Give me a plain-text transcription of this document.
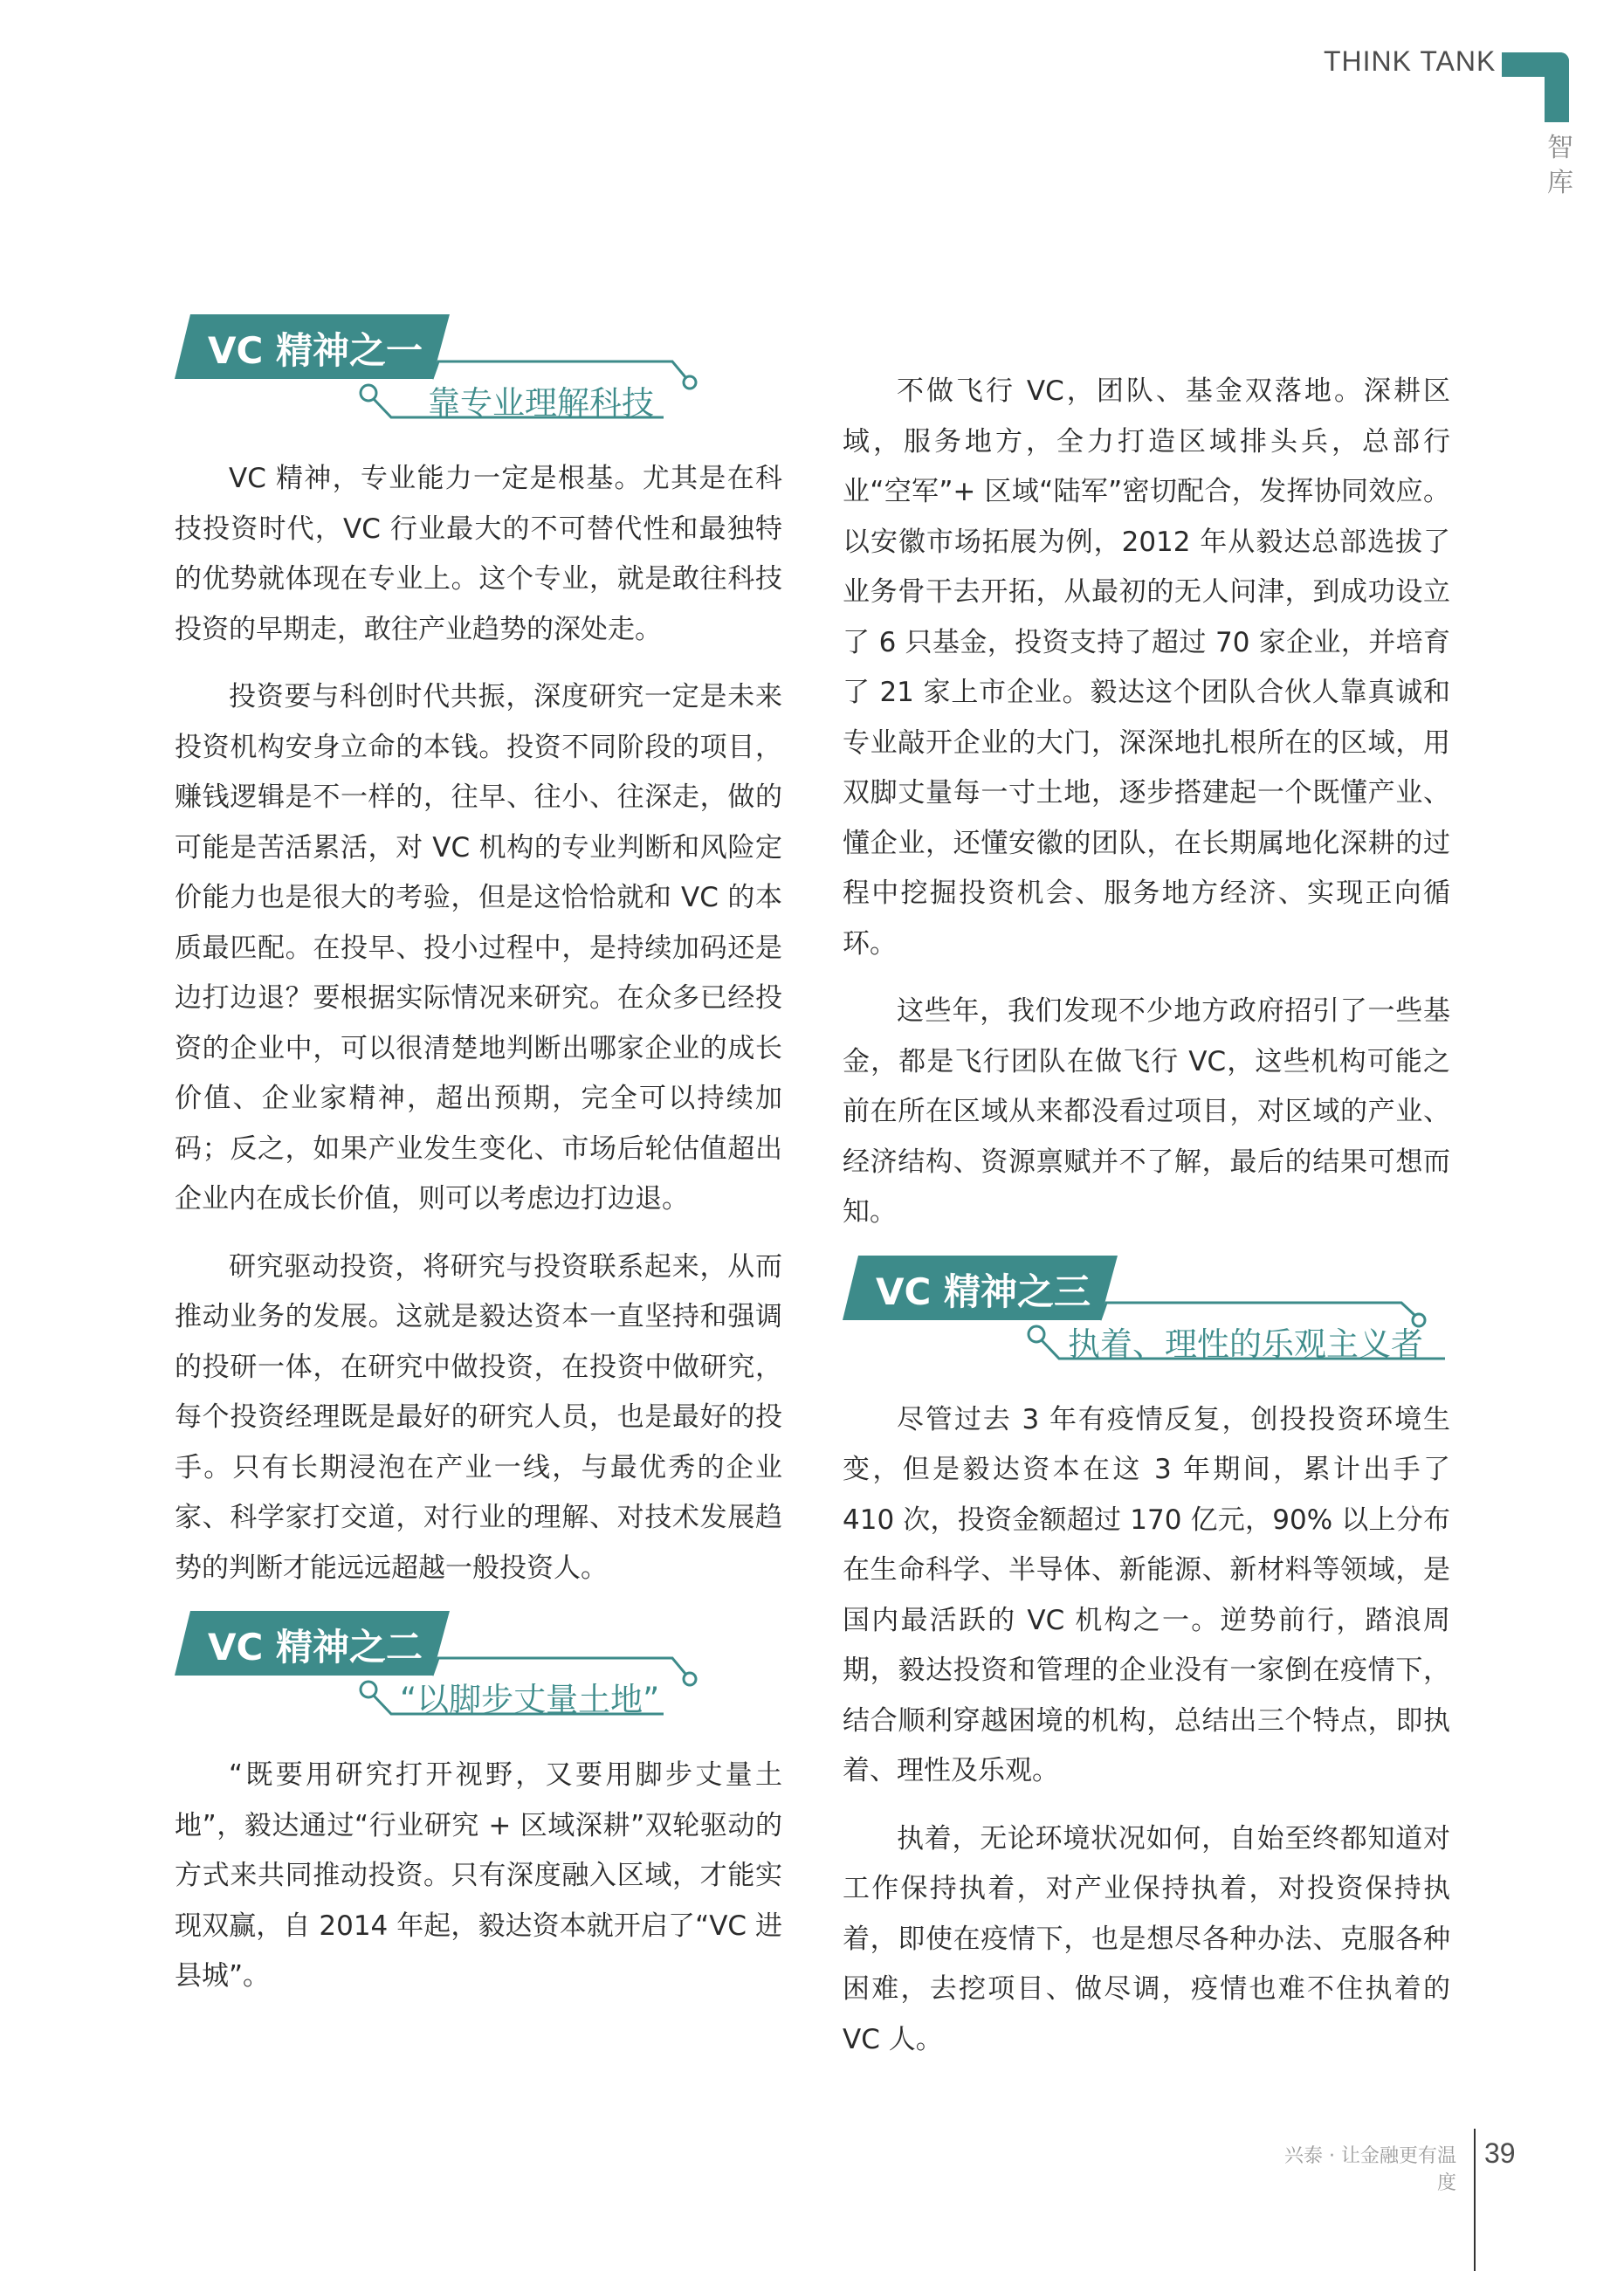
THINK TANK
智
库
VC 精神之一
靠专业理解科技

VC 精神，专业能力一定是根基。尤其是在科技投资时代，VC 行业最大的不可替代性和最独特的优势就体现在专业上。这个专业，就是敢往科技投资的早期走，敢往产业趋势的深处走。

投资要与科创时代共振，深度研究一定是未来投资机构安身立命的本钱。投资不同阶段的项目，赚钱逻辑是不一样的，往早、往小、往深走，做的可能是苦活累活，对 VC 机构的专业判断和风险定价能力也是很大的考验，但是这恰恰就和 VC 的本质最匹配。在投早、投小过程中，是持续加码还是边打边退？要根据实际情况来研究。在众多已经投资的企业中，可以很清楚地判断出哪家企业的成长价值、企业家精神，超出预期，完全可以持续加码；反之，如果产业发生变化、市场后轮估值超出企业内在成长价值，则可以考虑边打边退。

研究驱动投资，将研究与投资联系起来，从而推动业务的发展。这就是毅达资本一直坚持和强调的投研一体，在研究中做投资，在投资中做研究，每个投资经理既是最好的研究人员，也是最好的投手。只有长期浸泡在产业一线，与最优秀的企业家、科学家打交道，对行业的理解、对技术发展趋势的判断才能远远超越一般投资人。

VC 精神之二
“以脚步丈量土地”

“既要用研究打开视野，又要用脚步丈量土地”，毅达通过“行业研究 + 区域深耕”双轮驱动的方式来共同推动投资。只有深度融入区域，才能实现双赢，自 2014 年起，毅达资本就开启了“VC 进县城”。

不做飞行 VC，团队、基金双落地。深耕区域，服务地方，全力打造区域排头兵，总部行业“空军”+ 区域“陆军”密切配合，发挥协同效应。以安徽市场拓展为例，2012 年从毅达总部选拔了业务骨干去开拓，从最初的无人问津，到成功设立了 6 只基金，投资支持了超过 70 家企业，并培育了 21 家上市企业。毅达这个团队合伙人靠真诚和专业敲开企业的大门，深深地扎根所在的区域，用双脚丈量每一寸土地，逐步搭建起一个既懂产业、懂企业，还懂安徽的团队，在长期属地化深耕的过程中挖掘投资机会、服务地方经济、实现正向循环。

这些年，我们发现不少地方政府招引了一些基金，都是飞行团队在做飞行 VC，这些机构可能之前在所在区域从来都没看过项目，对区域的产业、经济结构、资源禀赋并不了解，最后的结果可想而知。

VC 精神之三
执着、理性的乐观主义者

尽管过去 3 年有疫情反复，创投投资环境生变，但是毅达资本在这 3 年期间，累计出手了 410 次，投资金额超过 170 亿元，90% 以上分布在生命科学、半导体、新能源、新材料等领域，是国内最活跃的 VC 机构之一。逆势前行，踏浪周期，毅达投资和管理的企业没有一家倒在疫情下，结合顺利穿越困境的机构，总结出三个特点，即执着、理性及乐观。

执着，无论环境状况如何，自始至终都知道对工作保持执着，对产业保持执着，对投资保持执着，即使在疫情下，也是想尽各种办法、克服各种困难，去挖项目、做尽调，疫情也难不住执着的 VC 人。

兴泰 · 让金融更有温度
39
